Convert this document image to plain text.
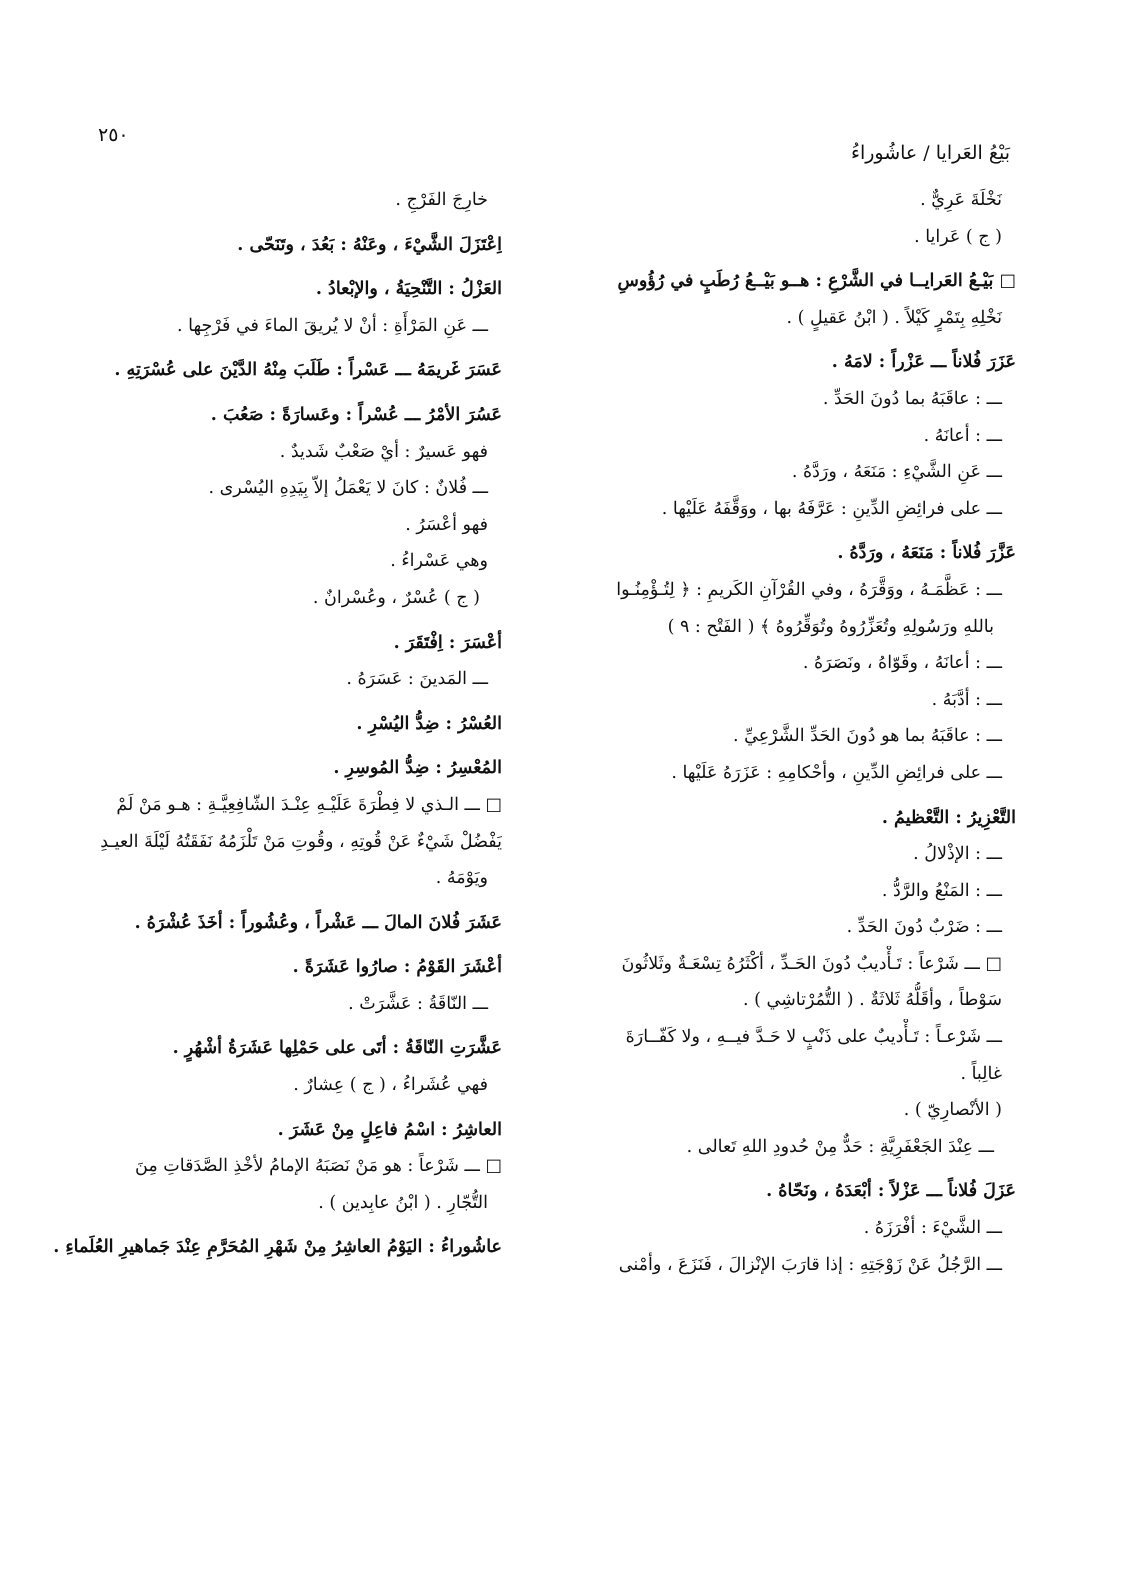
٢٥٠
بَيْعُ العَرايا / عاشُوراءُ
نَخْلَةَ عَرِيٌّ .
( ج ) عَرايا .
□ بَيْـعُ العَرايــا في الشَّرْعِ : هــو بَيْــعُ رُطَبٍ في رُؤُوسِ
نَخْلِهِ بِتَمْرٍ كَيْلاً . ( ابْنُ عَقيلٍ ) .
عَزَرَ فُلاناً ـــ عَزْراً : لامَهُ .
ـــ : عاقَبَهُ بما دُونَ الحَدِّ .
ـــ : أعانَهُ .
ـــ عَنِ الشَّيْءِ : مَنَعَهُ ، ورَدَّهُ .
ـــ على فرائِضِ الدِّينِ : عَرَّفَهُ بها ، ووَقَّفَهُ عَلَيْها .
عَزَّرَ فُلاناً : مَنَعَهُ ، ورَدَّهُ .
ـــ : عَظَّمَـهُ ، ووَقَّرَهُ ، وفي القُرْآنِ الكَريمِ : ﴿ لِتُـؤْمِنُـوا
باللهِ ورَسُولِهِ وتُعَزِّرُوهُ وتُوَقِّرُوهُ ﴾ ( الفَتْح : ٩ )
ـــ : أعانَهُ ، وقَوّاهُ ، ونَصَرَهُ .
ـــ : أدَّبَهُ .
ـــ : عاقَبَهُ بما هو دُونَ الحَدِّ الشَّرْعِيِّ .
ـــ على فرائِضِ الدِّينِ ، وأحْكامِهِ : عَزَرَهُ عَلَيْها .
التَّعْزِيرُ : التَّعْظيمُ .
ـــ : الإذْلالُ .
ـــ : المَنْعُ والرَّدُّ .
ـــ : ضَرْبٌ دُونَ الحَدِّ .
□ ـــ شَرْعاً : تَـأْديبٌ دُونَ الحَـدِّ ، أكْثَرُهُ تِسْعَـةٌ وثَلاثُونَ
سَوْطاً ، وأقَلُّهُ ثَلاثَةٌ . ( التُّمُرْتاشِي ) .
ـــ شَرْعـاً : تَـأْديبٌ على ذَنْبٍ لا حَـدَّ فيــهِ ، ولا كَفّــارَةَ
غالِباً .
( الأنْصارِيّ ) .
ـــ عِنْدَ الجَعْفَرِيَّةِ : حَدٌّ مِنْ حُدودِ اللهِ تَعالى .
عَزَلَ فُلاناً ـــ عَزْلاً : أبْعَدَهُ ، ونَحّاهُ .
ـــ الشَّيْءَ : أفْرَزَهُ .
ـــ الرَّجُلُ عَنْ زَوْجَتِهِ : إذا قارَبَ الإنْزالَ ، فَنَزَعَ ، وأمْنى
خارِجَ الفَرْجِ .
اِعْتَزَلَ الشَّيْءَ ، وعَنْهُ : بَعُدَ ، وتَنَحّى .
العَزْلُ : التَّنْحِيَةُ ، والإبْعادُ .
ـــ عَنِ المَرْأَةِ : أنْ لا يُريقَ الماءَ في فَرْجِها .
عَسَرَ غَريمَهُ ـــ عَسْراً : طَلَبَ مِنْهُ الدَّيْنَ على عُسْرَتِهِ .
عَسُرَ الأمْرُ ـــ عُسْراً : وعَسارَةً : صَعُبَ .
فهو عَسيرٌ : أيْ صَعْبٌ شَديدٌ .
ـــ فُلانٌ : كانَ لا يَعْمَلُ إلاّ بِيَدِهِ اليُسْرى .
فهو أعْسَرُ .
وهي عَسْراءُ .
( ج ) عُسْرٌ ، وعُسْرانٌ .
أعْسَرَ : اِفْتَقَرَ .
ـــ المَدينَ : عَسَرَهُ .
العُسْرُ : ضِدُّ اليُسْرِ .
المُعْسِرُ : ضِدُّ المُوسِرِ .
□ ـــ الـذي لا فِطْرَةَ عَلَيْـهِ عِنْـدَ الشّافِعِيَّـةِ : هـو مَنْ لَمْ
يَفْضُلْ شَيْءٌ عَنْ قُوتِهِ ، وقُوتِ مَنْ تَلْزَمُهُ نَفَقَتُهُ لَيْلَةَ العيـدِ
ويَوْمَهُ .
عَشَرَ فُلانَ المالَ ـــ عَشْراً ، وعُشُوراً : أخَذَ عُشْرَهُ .
أعْشَرَ القَوْمُ : صارُوا عَشَرَةً .
ـــ النّاقَةُ : عَشَّرَتْ .
عَشَّرَتِ النّاقَةُ : أتَى على حَمْلِها عَشَرَةُ أشْهُرٍ .
فهي عُشَراءُ ، ( ج ) عِشارٌ .
العاشِرُ : اسْمُ فاعِلٍ مِنْ عَشَرَ .
□ ـــ شَرْعاً : هو مَنْ نَصَبَهُ الإمامُ لأخْذِ الصَّدَقاتِ مِنَ
التُّجّارِ . ( ابْنُ عابِدين ) .
عاشُوراءُ : اليَوْمُ العاشِرُ مِنْ شَهْرِ المُحَرَّمِ عِنْدَ جَماهيرِ العُلَماءِ .
